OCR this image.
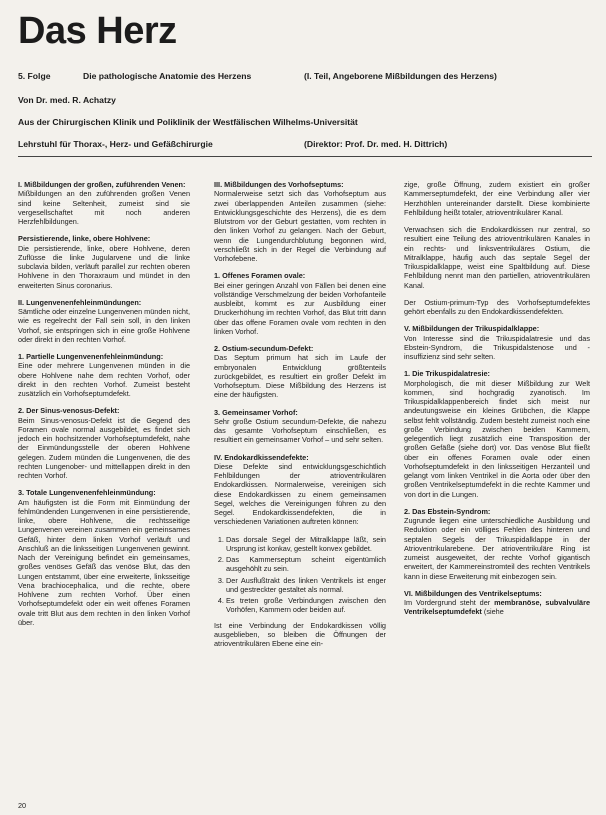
Das Herz
5. Folge	Die pathologische Anatomie des Herzens	(I. Teil, Angeborene Mißbildungen des Herzens)
Von Dr. med. R. Achatzy
Aus der Chirurgischen Klinik und Poliklinik der Westfälischen Wilhelms-Universität
Lehrstuhl für Thorax-, Herz- und Gefäßchirurgie	(Direktor: Prof. Dr. med. H. Dittrich)
I. Mißbildungen der großen, zuführenden Venen:

Mißbildungen an den zuführenden großen Venen sind keine Seltenheit, zumeist sind sie vergesellschaftet mit noch anderen Herzfehlbildungen.

Persistierende, linke, obere Hohlvene:

Die persistierende, linke, obere Hohlvene, deren Zuflüsse die linke Jugularvene und die linke subclavia bilden, verläuft parallel zur rechten oberen Hohlvene in den Thoraxraum und mündet in den erweiterten Sinus coronarius.

II. Lungenvenenfehleinmündungen:

Sämtliche oder einzelne Lungenvenen münden nicht, wie es regelrecht der Fall sein soll, in den linken Vorhof, sie entspringen sich in eine große Hohlvene oder direkt in den rechten Vorhof.

1. Partielle Lungenvenenfehleinmündung:

Eine oder mehrere Lungenvenen münden in die obere Hohlvene nahe dem rechten Vorhof, oder direkt in den rechten Vorhof. Zumeist besteht zusätzlich ein Vorhofseptumdefekt.

2. Der Sinus-venosus-Defekt:

Beim Sinus-venosus-Defekt ist die Gegend des Foramen ovale normal ausgebildet, es findet sich jedoch ein hochsitzender Vorhofseptumdefekt, nahe der Einmündungsstelle der oberen Hohlvene gelegen. Zudem münden die Lungenvenen, die des rechten Lungenober- und mittellappen direkt in den rechten Vorhof.

3. Totale Lungenvenenfehleinmündung:

Am häufigsten ist die Form mit Einmündung der fehlmündenden Lungenvenen in eine persistierende, linke, obere Hohlvene, die rechtsseitige Lungenvenen vereinen zusammen ein gemeinsames Gefäß, hinter dem linken Vorhof verläuft und Anschluß an die linksseitigen Lungenvenen gewinnt. Nach der Vereinigung befindet ein gemeinsames, großes venöses Gefäß das venöse Blut, das den Lungen entstammt, über eine erweiterte, linksseitige Vena brachiocephalica, und die rechte, obere Hohlvene zum rechten Vorhof. Über einen Vorhofseptumdefekt oder ein weit offenes Foramen ovale tritt Blut aus dem rechten in den linken Vorhof über.

III. Mißbildungen des Vorhofseptums:

Normalerweise setzt sich das Vorhofseptum aus zwei überlappenden Anteilen zusammen (siehe: Entwicklungsgeschichte des Herzens), die es dem Blutstrom vor der Geburt gestatten, vom rechten in den linken Vorhof zu gelangen. Nach der Geburt, wenn die Lungendurchblutung begonnen wird, verschließt sich in der Regel die Verbindung auf Vorhofebene.

1. Offenes Foramen ovale:

Bei einer geringen Anzahl von Fällen bei denen eine vollständige Verschmelzung der beiden Vorhofanteile ausbleibt, kommt es zur Ausbildung einer Druckerhöhung im rechten Vorhof, das Blut tritt dann über das offene Foramen ovale vom rechten in den linken Vorhof.

2. Ostium-secundum-Defekt:

Das Septum primum hat sich im Laufe der embryonalen Entwicklung größtenteils zurückgebildet, es resultiert ein großer Defekt im Vorhofseptum. Diese Mißbildung des Herzens ist eine der häufigsten.

3. Gemeinsamer Vorhof:

Sehr große Ostium secundum-Defekte, die nahezu das gesamte Vorhofseptum einschließen, es resultiert ein gemeinsamer Vorhof – und sehr selten.

IV. Endokardkissendefekte:

Diese Defekte sind entwicklungsgeschichtlich Fehlbildungen der atrioventrikulären Endokardkissen. Normalerweise, vereinigen sich diese Endokardkissen zu einem gemeinsamen Segel, welches die Vereinigungen führen zu den Segel. Endokardkissendefekten, die in verschiedenen Variationen auftreten können:

1. Das dorsale Segel der Mitralklappe läßt, sein Ursprung ist konkav, gestellt konvex gebildet.
2. Das Kammerseptum scheint eigentümlich ausgehöhlt zu sein.
3. Der Ausflußtrakt des linken Ventrikels ist enger und gestreckter gestaltet als normal.
4. Es treten große Verbindungen zwischen den Vorhöfen, Kammern oder beiden auf.

Ist eine Verbindung der Endokardkissen völlig ausgeblieben, so bleiben die Öffnungen der atrioventrikulären Ebene eine ein-

zige, große Öffnung, zudem existiert ein großer Kammerseptumdefekt, der eine Verbindung aller vier Herzhöhlen untereinander darstellt. Diese kombinierte Fehlbildung heißt totaler, atrioventrikulärer Kanal.

Verwachsen sich die Endokardkissen nur zentral, so resultiert eine Teilung des atrioventrikulären Kanales in ein rechts- und linksventrikuläres Ostium, die Mitralklappe, häufig auch das septale Segel der Trikuspidalklappe, weist eine Spaltbildung auf. Diese Fehlbildung nennt man den partiellen, atrioventrikulären Kanal.

Der Ostium-primum-Typ des Vorhofseptumdefektes gehört ebenfalls zu den Endokardkissendefekten.

V. Mißbildungen der Trikuspidalklappe:

Von Interesse sind die Trikuspidalatresie und das Ebstein-Syndrom, die Trikuspidalstenose und -insuffizienz sind sehr selten.

1. Die Trikuspidalatresie:

Morphologisch, die mit dieser Mißbildung zur Welt kommen, sind hochgradig zyanotisch. Im Trikuspidalklappenbereich findet sich meist nur andeutungsweise ein kleines Grübchen, die Klappe selbst fehlt vollständig. Zudem besteht zumeist noch eine große Verbindung zwischen beiden Kammern, gelegentlich liegt zusätzlich eine Transposition der großen Gefäße (siehe dort) vor. Das venöse Blut fließt über ein offenes Foramen ovale oder einen Vorhofseptumdefekt in den linksseitigen Herzanteil und gelangt vom linken Ventrikel in die Aorta oder über den großen Ventrikelseptumdefekt in die rechte Kammer und von dort in die Lungen.

2. Das Ebstein-Syndrom:

Zugrunde liegen eine unterschiedliche Ausbildung und Reduktion oder ein völliges Fehlen des hinteren und septalen Segels der Trikuspidalklappe in der Atrioventrikularebene. Der atrioventrikuläre Ring ist zumeist ausgeweitet, der rechte Vorhof gigantisch erweitert, der Kammereinstromteil des rechten Ventrikels kann in diese Erweiterung mit einbezogen sein.

VI. Mißbildungen des Ventrikelseptums:

Im Vordergrund steht der membranöse, subvalvuläre Ventrikelseptumdefekt (siehe

20
